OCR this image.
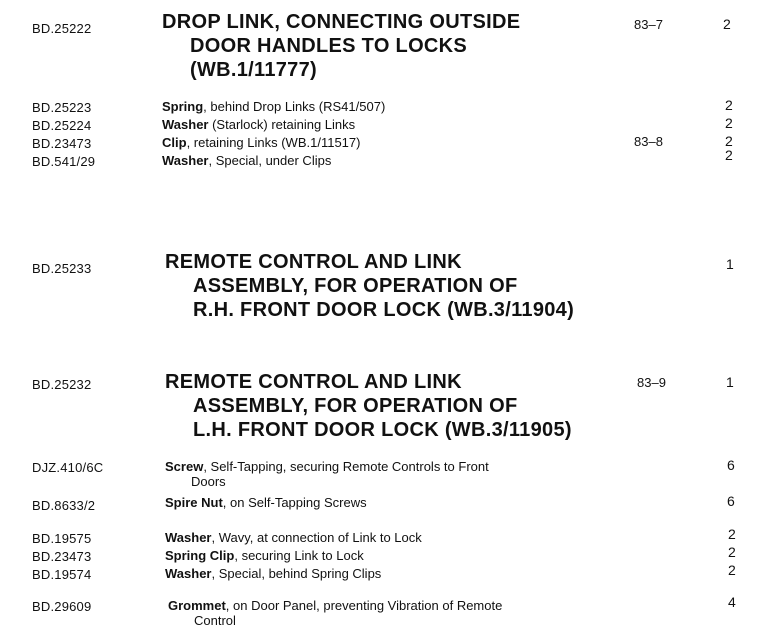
BD.25222	DROP LINK, CONNECTING OUTSIDE
DOOR HANDLES TO LOCKS
(WB.1/11777)
83–7	2
BD.25223	Spring, behind Drop Links (RS41/507)	2
BD.25224	Washer (Starlock) retaining Links	2
BD.23473	Clip, retaining Links (WB.1/11517)	83–8	2
BD.541/29	Washer, Special, under Clips	2
BD.25233	REMOTE CONTROL AND LINK
ASSEMBLY, FOR OPERATION OF
R.H. FRONT DOOR LOCK (WB.3/11904)
1
BD.25232	REMOTE CONTROL AND LINK
ASSEMBLY, FOR OPERATION OF
L.H. FRONT DOOR LOCK (WB.3/11905)
83–9	1
DJZ.410/6C	Screw, Self-Tapping, securing Remote Controls to Front
Doors
6
BD.8633/2	Spire Nut, on Self-Tapping Screws	6
BD.19575	Washer, Wavy, at connection of Link to Lock	2
BD.23473	Spring Clip, securing Link to Lock	2
BD.19574	Washer, Special, behind Spring Clips	2
BD.29609	Grommet, on Door Panel, preventing Vibration of Remote
Control
4
